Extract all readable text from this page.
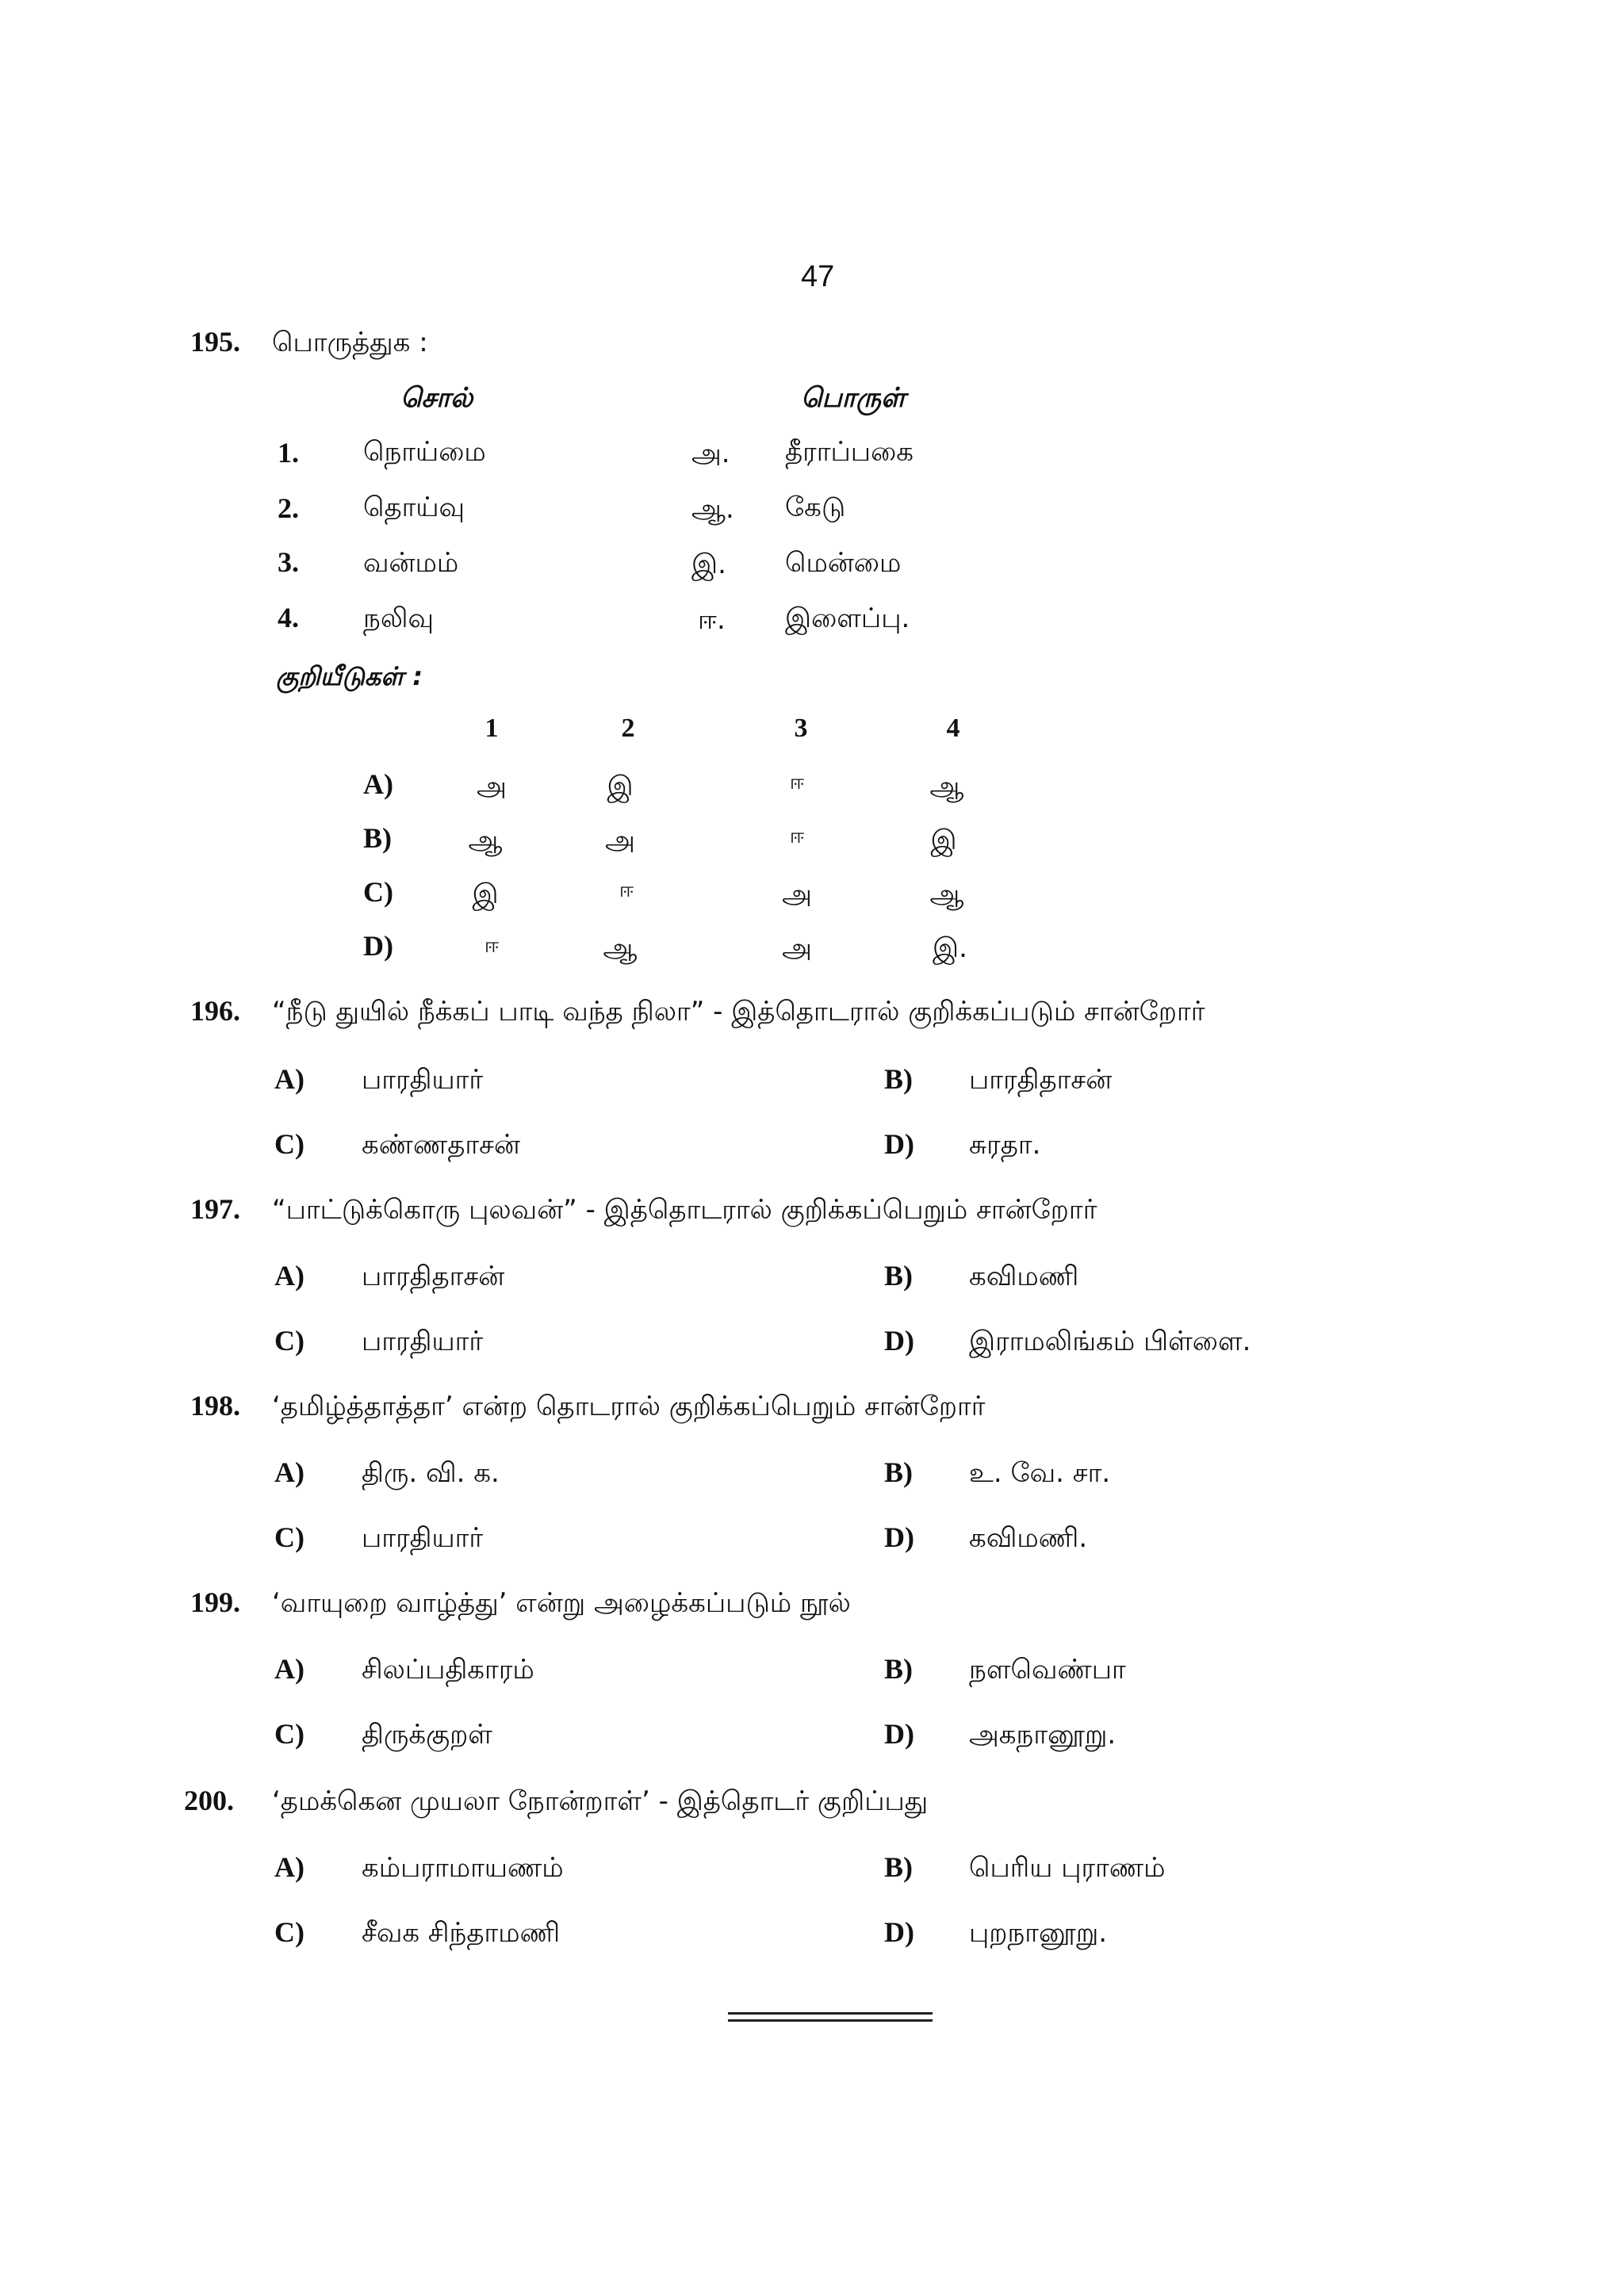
47
195. பொருத்துக :
சொல்	பொருள்
1. நொய்மை	அ. தீராப்பகை
2. தொய்வு	ஆ. கேடு
3. வன்மம்	இ. மென்மை
4. நலிவு	ஈ. இளைப்பு.
குறியீடுகள் :
1	2	3	4
A)	அ	இ	ஈ	ஆ
B)	ஆ	அ	ஈ	இ
C)	இ	ஈ	அ	ஆ
D)	ஈ	ஆ	அ	இ.
196. “நீடு துயில் நீக்கப் பாடி வந்த நிலா” - இத்தொடரால் குறிக்கப்படும் சான்றோர்
A) பாரதியார்	B) பாரதிதாசன்
C) கண்ணதாசன்	D) சுரதா.
197. “பாட்டுக்கொரு புலவன்” - இத்தொடரால் குறிக்கப்பெறும் சான்றோர்
A) பாரதிதாசன்	B) கவிமணி
C) பாரதியார்	D) இராமலிங்கம் பிள்ளை.
198. ‘தமிழ்த்தாத்தா’ என்ற தொடரால் குறிக்கப்பெறும் சான்றோர்
A) திரு. வி. க.	B) உ. வே. சா.
C) பாரதியார்	D) கவிமணி.
199. ‘வாயுறை வாழ்த்து’ என்று அழைக்கப்படும் நூல்
A) சிலப்பதிகாரம்	B) நளவெண்பா
C) திருக்குறள்	D) அகநானூறு.
200. ‘தமக்கென முயலா நோன்றாள்’ - இத்தொடர் குறிப்பது
A) கம்பராமாயணம்	B) பெரிய புராணம்
C) சீவக சிந்தாமணி	D) புறநானூறு.
